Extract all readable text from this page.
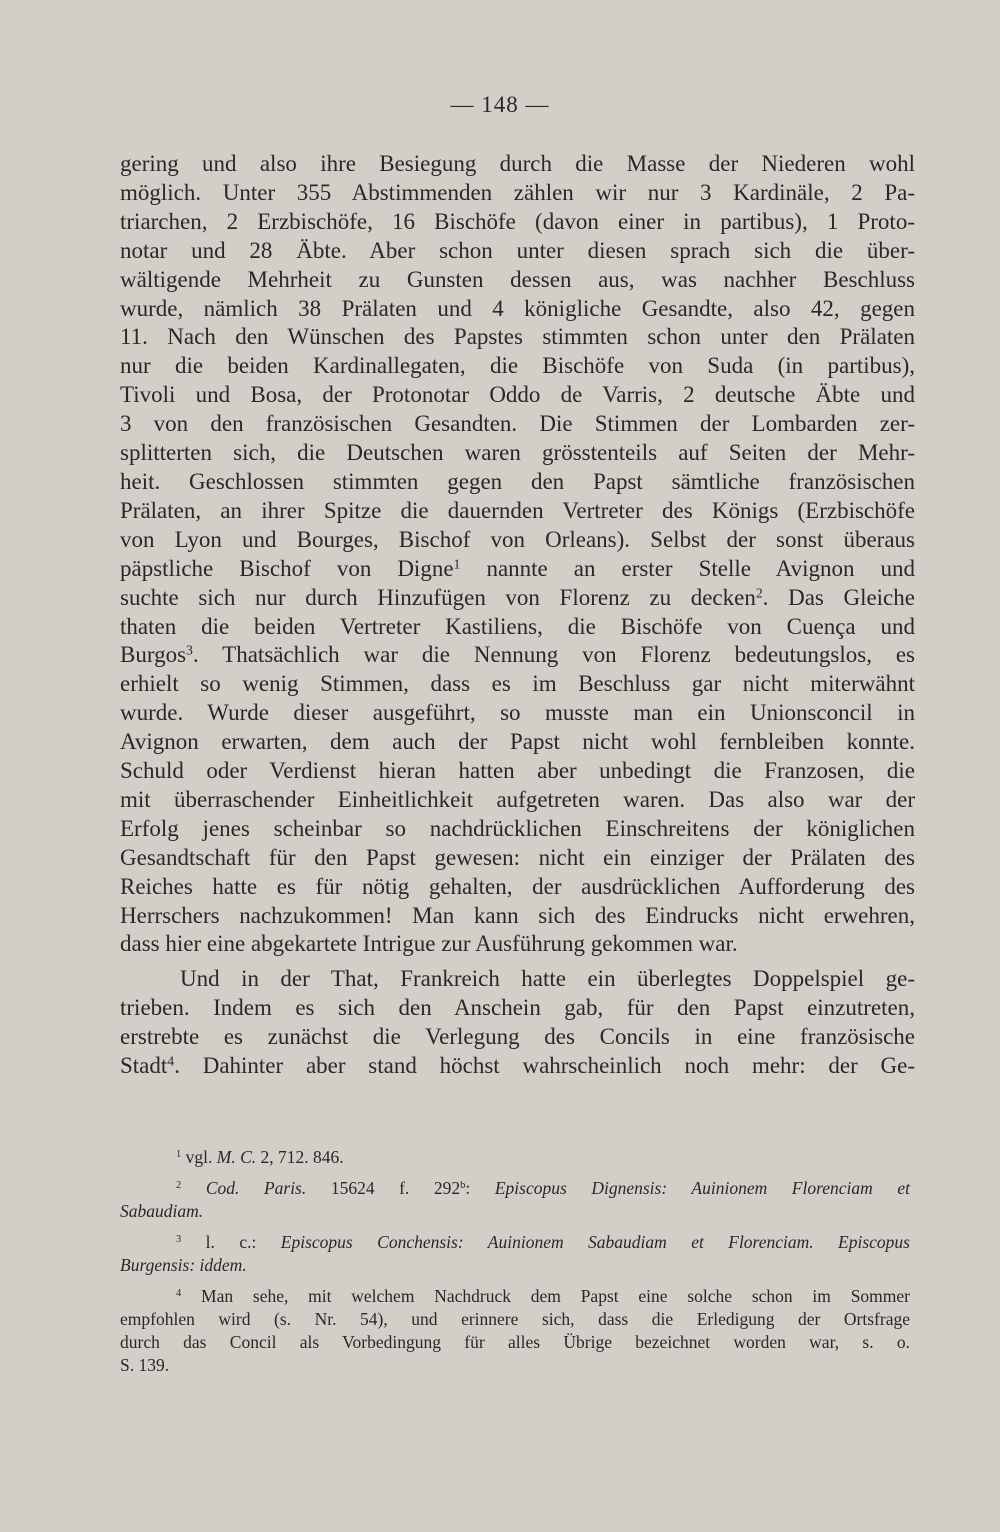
— 148 —
gering und also ihre Besiegung durch die Masse der Niederen wohl
möglich. Unter 355 Abstimmenden zählen wir nur 3 Kardinäle, 2 Pa-
triarchen, 2 Erzbischöfe, 16 Bischöfe (davon einer in partibus), 1 Proto-
notar und 28 Äbte. Aber schon unter diesen sprach sich die über-
wältigende Mehrheit zu Gunsten dessen aus, was nachher Beschluss
wurde, nämlich 38 Prälaten und 4 königliche Gesandte, also 42, gegen
11. Nach den Wünschen des Papstes stimmten schon unter den Prälaten
nur die beiden Kardinallegaten, die Bischöfe von Suda (in partibus),
Tivoli und Bosa, der Protonotar Oddo de Varris, 2 deutsche Äbte und
3 von den französischen Gesandten. Die Stimmen der Lombarden zer-
splitterten sich, die Deutschen waren grösstenteils auf Seiten der Mehr-
heit. Geschlossen stimmten gegen den Papst sämtliche französischen
Prälaten, an ihrer Spitze die dauernden Vertreter des Königs (Erzbischöfe
von Lyon und Bourges, Bischof von Orleans). Selbst der sonst überaus
päpstliche Bischof von Digne$^1$ nannte an erster Stelle Avignon und
suchte sich nur durch Hinzufügen von Florenz zu decken$^2$. Das Gleiche
thaten die beiden Vertreter Kastiliens, die Bischöfe von Cuença und
Burgos$^3$. Thatsächlich war die Nennung von Florenz bedeutungslos, es
erhielt so wenig Stimmen, dass es im Beschluss gar nicht miterwähnt
wurde. Wurde dieser ausgeführt, so musste man ein Unionsconcil in
Avignon erwarten, dem auch der Papst nicht wohl fernbleiben konnte.
Schuld oder Verdienst hieran hatten aber unbedingt die Franzosen, die
mit überraschender Einheitlichkeit aufgetreten waren. Das also war der
Erfolg jenes scheinbar so nachdrücklichen Einschreitens der königlichen
Gesandtschaft für den Papst gewesen: nicht ein einziger der Prälaten des
Reiches hatte es für nötig gehalten, der ausdrücklichen Aufforderung des
Herrschers nachzukommen! Man kann sich des Eindrucks nicht erwehren,
dass hier eine abgekartete Intrigue zur Ausführung gekommen war.
Und in der That, Frankreich hatte ein überlegtes Doppelspiel ge-
trieben. Indem es sich den Anschein gab, für den Papst einzutreten,
erstrebte es zunächst die Verlegung des Concils in eine französische
Stadt$^4$. Dahinter aber stand höchst wahrscheinlich noch mehr: der Ge-
$^1$ vgl. M. C. 2, 712. 846.
$^2$ Cod. Paris. 15624 f. 292$^b$: Episcopus Dignensis: Auinionem Florenciam et
Sabaudiam.
$^3$ l. c.: Episcopus Conchensis: Auinionem Sabaudiam et Florenciam. Episcopus
Burgensis: iddem.
$^4$ Man sehe, mit welchem Nachdruck dem Papst eine solche schon im Sommer
empfohlen wird (s. Nr. 54), und erinnere sich, dass die Erledigung der Ortsfrage
durch das Concil als Vorbedingung für alles Übrige bezeichnet worden war, s. o.
S. 139.
